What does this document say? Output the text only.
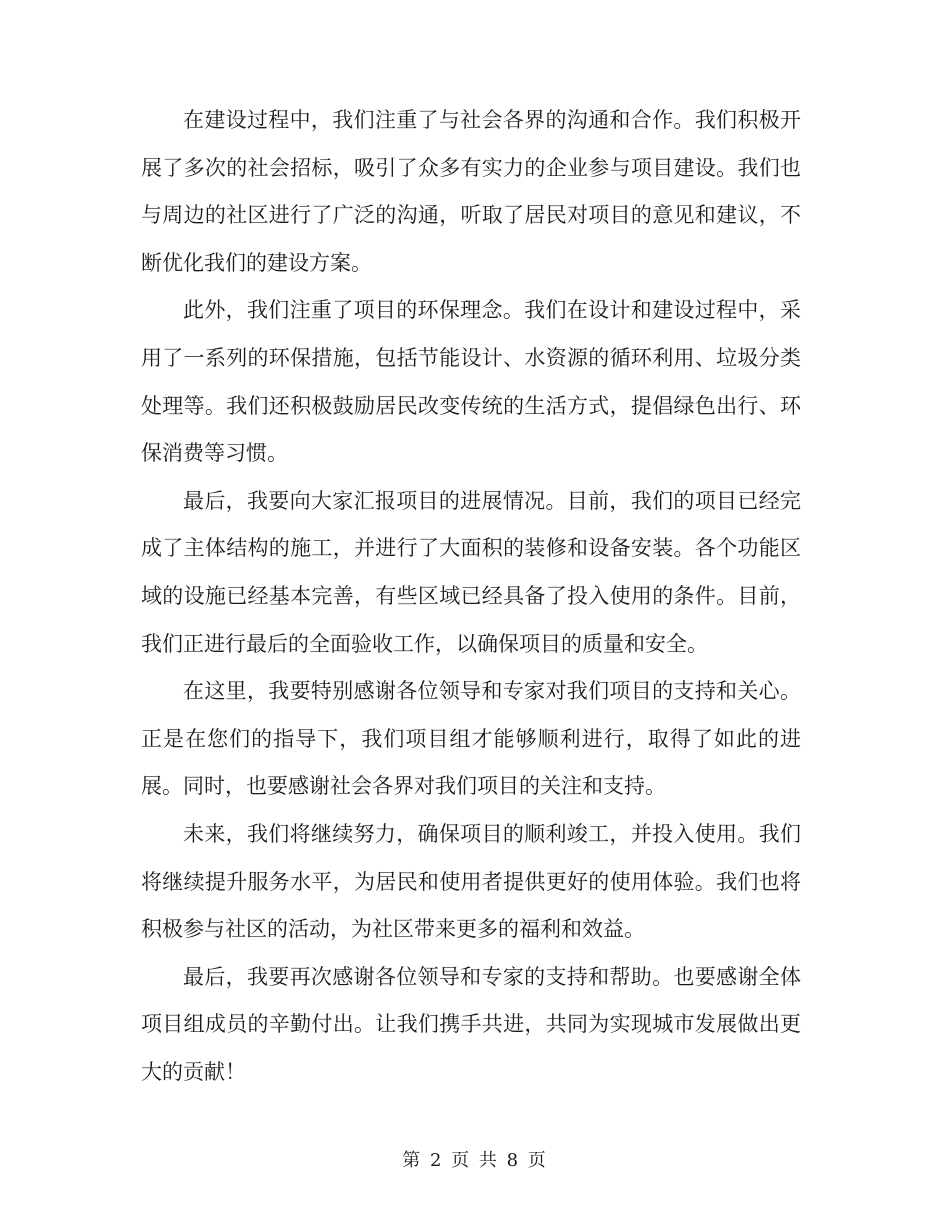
在建设过程中，我们注重了与社会各界的沟通和合作。我们积极开展了多次的社会招标，吸引了众多有实力的企业参与项目建设。我们也与周边的社区进行了广泛的沟通，听取了居民对项目的意见和建议，不断优化我们的建设方案。

此外，我们注重了项目的环保理念。我们在设计和建设过程中，采用了一系列的环保措施，包括节能设计、水资源的循环利用、垃圾分类处理等。我们还积极鼓励居民改变传统的生活方式，提倡绿色出行、环保消费等习惯。

最后，我要向大家汇报项目的进展情况。目前，我们的项目已经完成了主体结构的施工，并进行了大面积的装修和设备安装。各个功能区域的设施已经基本完善，有些区域已经具备了投入使用的条件。目前，我们正进行最后的全面验收工作，以确保项目的质量和安全。

在这里，我要特别感谢各位领导和专家对我们项目的支持和关心。正是在您们的指导下，我们项目组才能够顺利进行，取得了如此的进展。同时，也要感谢社会各界对我们项目的关注和支持。

未来，我们将继续努力，确保项目的顺利竣工，并投入使用。我们将继续提升服务水平，为居民和使用者提供更好的使用体验。我们也将积极参与社区的活动，为社区带来更多的福利和效益。

最后，我要再次感谢各位领导和专家的支持和帮助。也要感谢全体项目组成员的辛勤付出。让我们携手共进，共同为实现城市发展做出更大的贡献！

第 2 页 共 8 页
